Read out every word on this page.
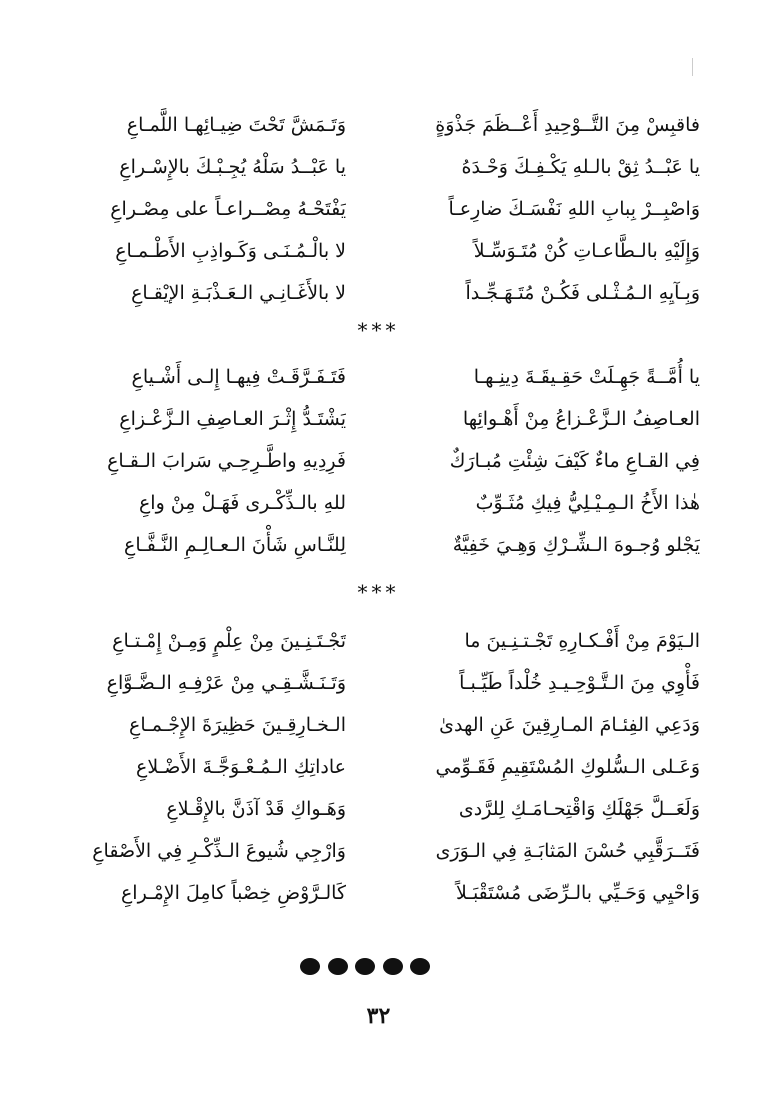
فاقبِسْ مِنَ التَّــوْحِيدِ أَعْــظَمَ جَذْوَةٍ
وَتَـمَشَّ تَحْتَ ضِيـائِهـا اللَّمـاعِ
يا عَبْــدُ ثِقْ بالـلهِ يَكْـفِـكَ وَحْـدَهُ
يا عَبْــدُ سَلْهُ يُجِـبْـكَ بالإِسْـراعِ
وَاصْبِــرْ بِبابِ اللهِ نَفْسَـكَ ضارِعـاً
يَفْتَحْـهُ مِصْــراعـاً على مِصْـراعِ
وَإِلَيْهِ بالـطَّاعـاتِ كُنْ مُتَـوَسِّـلاً
لا بالْـمُـنَـى وَكَـواذِبِ الأَطْـمـاعِ
وَبِـآيِهِ الـمُـثْـلى فَكُـنْ مُتَـهَـجِّـداً
لا بالأَغَـانِـي الـعَـذْبَـةِ الإيْقـاعِ
***
يا أُمَّــةً جَهِـلَتْ حَقِـيقَـةَ دِينِـهـا
فَتَـفَـرَّقَـتْ فِيهـا إِلـى أَشْـياعِ
العـاصِفُ الـزَّعْـزاعُ مِنْ أَهْـوائِها
يَشْتَـدُّ إِثْـرَ العـاصِفِ الـزَّعْـزاعِ
فِي القـاعِ ماءٌ كَيْفَ شِئْتِ مُبـارَكٌ
فَرِدِيهِ واطَّـرِحِـي سَرابَ الـقـاعِ
هٰذا الأَخُ الـمِـيْـلِيُّ فِيكِ مُثَـوِّبٌ
للهِ بالـذِّكْـرى فَهَـلْ مِنْ واعِ
يَجْلو وُجـوهَ الـشِّـرْكِ وَهِـيَ خَفِيَّةٌ
لِلنَّـاسِ شَأْنَ الـعـالِـمِ النَّـفَّـاعِ
***
الـيَوْمَ مِنْ أَفْـكـارِهِ تَجْـتـنِـينَ ما
تَجْـتَـنِـينَ مِنْ عِلْمٍ وَمِـنْ إِمْـتـاعِ
فَأْوِي مِنَ الـتَّـوْحِـيـدِ خُلْداً طَيِّـبـاً
وَتَـنَـشَّـقِـي مِنْ عَرْفِـهِ الـضَّـوَّاعِ
وَدَعِي الفِئـامَ المـارِقِينَ عَنِ الهدىٰ
الـخـارِقِـينَ حَظِيرَةَ الإِجْـمـاعِ
وَعَـلى الـسُّلوكِ المُسْتَقِيمِ فَقَـوِّمي
عاداتِكِ الـمُـعْـوَجَّـةَ الأَضْـلاعِ
وَلَعَــلَّ جَهْلَكِ وَاقْتِحـامَـكِ لِلرَّدى
وَهَـواكِ قَدْ آذَنَّ بالإِقْـلاعِ
فَتَــرَقَّبِي حُسْنَ المَثابَـةِ فِي الـوَرَى
وَارْجِي شُيوعَ الـذِّكْـرِ فِي الأَصْقاعِ
وَاحْيِي وَحَـيِّي بالـرِّضَى مُسْتَقْبَـلاً
كَالـرَّوْضِ خِصْباً كامِلَ الإِمْـراعِ
٣٢
